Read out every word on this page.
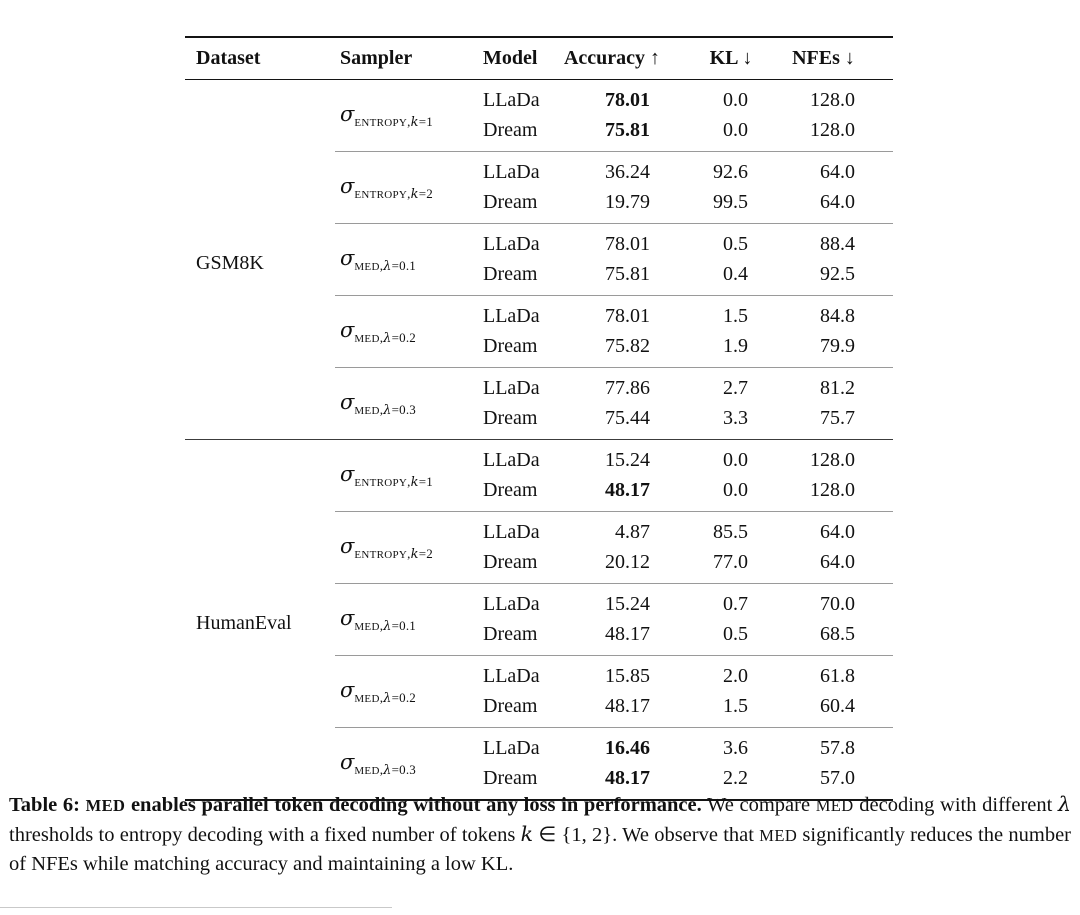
Dataset	Sampler	Model	Accuracy ↑	KL ↓	NFEs ↓
GSM8K	$\sigma_{ENTROPY,k=1}$	LLaDa	78.01	0.0	128.0
		Dream	75.81	0.0	128.0
	$\sigma_{ENTROPY,k=2}$	LLaDa	36.24	92.6	64.0
		Dream	19.79	99.5	64.0
	$\sigma_{MED,\lambda=0.1}$	LLaDa	78.01	0.5	88.4
		Dream	75.81	0.4	92.5
	$\sigma_{MED,\lambda=0.2}$	LLaDa	78.01	1.5	84.8
		Dream	75.82	1.9	79.9
	$\sigma_{MED,\lambda=0.3}$	LLaDa	77.86	2.7	81.2
		Dream	75.44	3.3	75.7
HumanEval	$\sigma_{ENTROPY,k=1}$	LLaDa	15.24	0.0	128.0
		Dream	48.17	0.0	128.0
	$\sigma_{ENTROPY,k=2}$	LLaDa	4.87	85.5	64.0
		Dream	20.12	77.0	64.0
	$\sigma_{MED,\lambda=0.1}$	LLaDa	15.24	0.7	70.0
		Dream	48.17	0.5	68.5
	$\sigma_{MED,\lambda=0.2}$	LLaDa	15.85	2.0	61.8
		Dream	48.17	1.5	60.4
	$\sigma_{MED,\lambda=0.3}$	LLaDa	16.46	3.6	57.8
		Dream	48.17	2.2	57.0

Table 6: MED enables parallel token decoding without any loss in performance. We compare MED decoding with different λ thresholds to entropy decoding with a fixed number of tokens k ∈ {1, 2}. We observe that MED significantly reduces the number of NFEs while matching accuracy and maintaining a low KL.
